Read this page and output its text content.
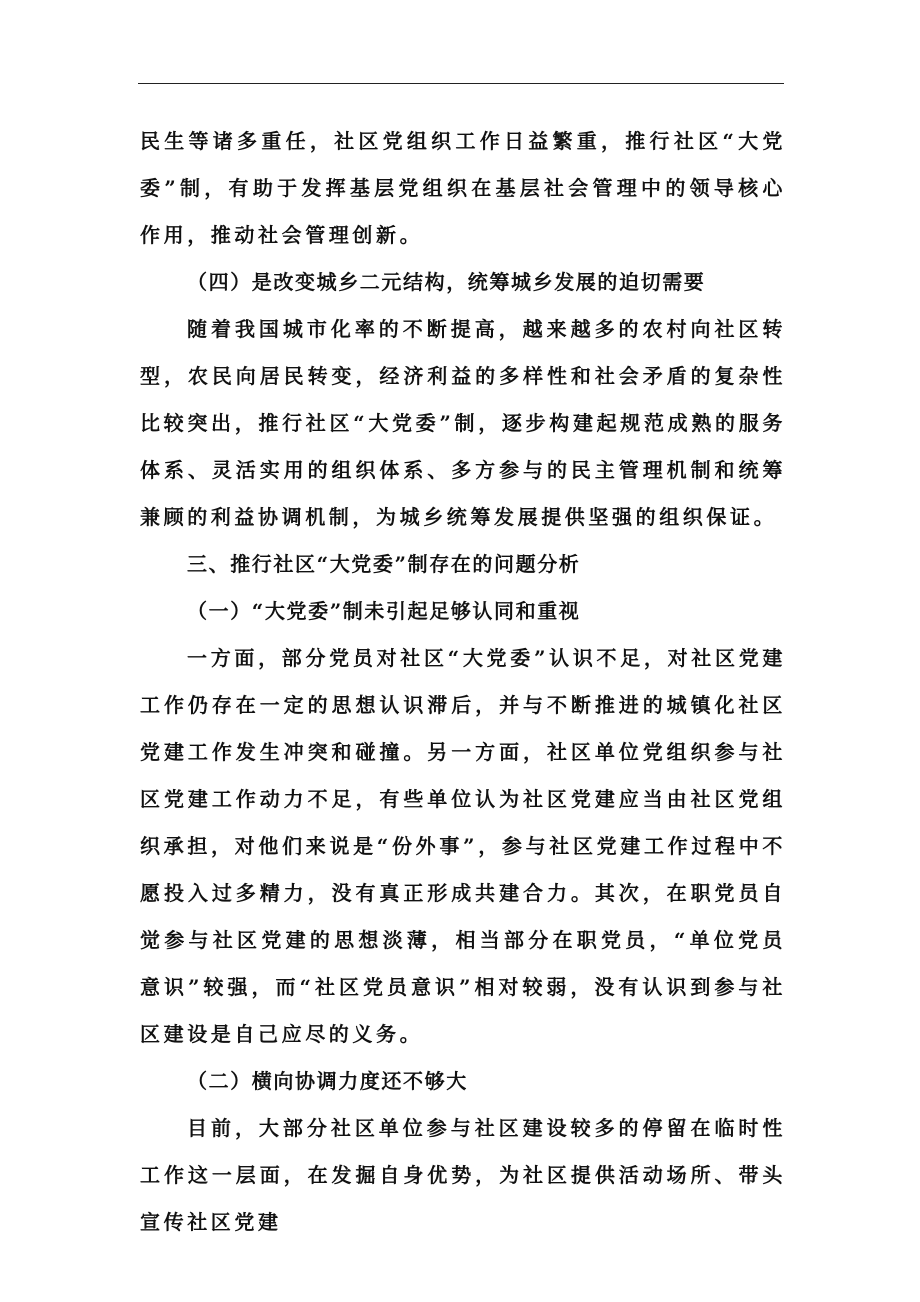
民生等诸多重任，社区党组织工作日益繁重，推行社区“大党委”制，有助于发挥基层党组织在基层社会管理中的领导核心作用，推动社会管理创新。

（四）是改变城乡二元结构，统筹城乡发展的迫切需要

随着我国城市化率的不断提高，越来越多的农村向社区转型，农民向居民转变，经济利益的多样性和社会矛盾的复杂性比较突出，推行社区“大党委”制，逐步构建起规范成熟的服务体系、灵活实用的组织体系、多方参与的民主管理机制和统筹兼顾的利益协调机制，为城乡统筹发展提供坚强的组织保证。

三、推行社区“大党委”制存在的问题分析

（一）“大党委”制未引起足够认同和重视

一方面，部分党员对社区“大党委”认识不足，对社区党建工作仍存在一定的思想认识滞后，并与不断推进的城镇化社区党建工作发生冲突和碰撞。另一方面，社区单位党组织参与社区党建工作动力不足，有些单位认为社区党建应当由社区党组织承担，对他们来说是“份外事”，参与社区党建工作过程中不愿投入过多精力，没有真正形成共建合力。其次，在职党员自觉参与社区党建的思想淡薄，相当部分在职党员，“单位党员意识”较强，而“社区党员意识”相对较弱，没有认识到参与社区建设是自己应尽的义务。

（二）横向协调力度还不够大

目前，大部分社区单位参与社区建设较多的停留在临时性工作这一层面，在发掘自身优势，为社区提供活动场所、带头宣传社区党建
